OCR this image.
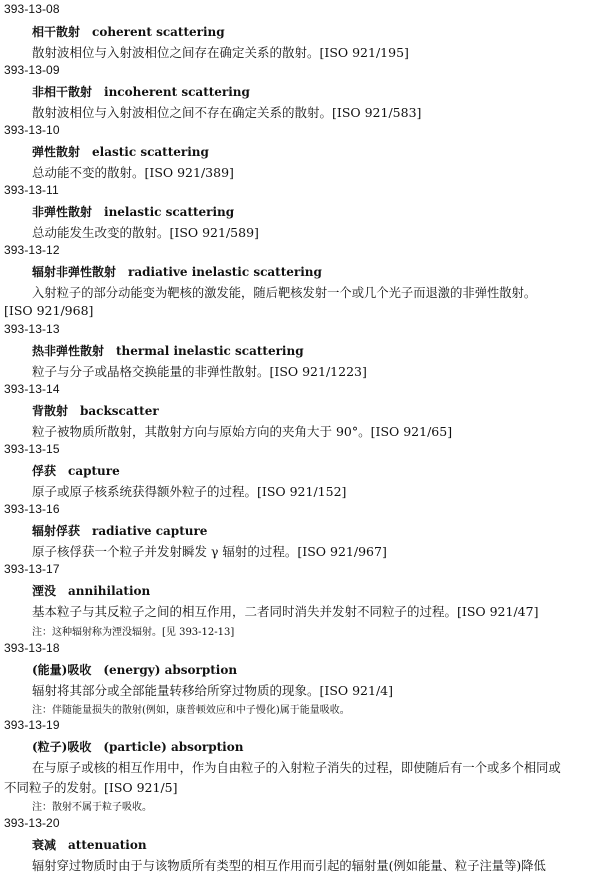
393-13-08
相干散射 coherent scattering
散射波相位与入射波相位之间存在确定关系的散射。[ISO 921/195]
393-13-09
非相干散射 incoherent scattering
散射波相位与入射波相位之间不存在确定关系的散射。[ISO 921/583]
393-13-10
弹性散射 elastic scattering
总动能不变的散射。[ISO 921/389]
393-13-11
非弹性散射 inelastic scattering
总动能发生改变的散射。[ISO 921/589]
393-13-12
辐射非弹性散射 radiative inelastic scattering
入射粒子的部分动能变为靶核的激发能，随后靶核发射一个或几个光子而退激的非弹性散射。
[ISO 921/968]
393-13-13
热非弹性散射 thermal inelastic scattering
粒子与分子或晶格交换能量的非弹性散射。[ISO 921/1223]
393-13-14
背散射 backscatter
粒子被物质所散射，其散射方向与原始方向的夹角大于 90°。[ISO 921/65]
393-13-15
俘获 capture
原子或原子核系统获得额外粒子的过程。[ISO 921/152]
393-13-16
辐射俘获 radiative capture
原子核俘获一个粒子并发射瞬发 γ 辐射的过程。[ISO 921/967]
393-13-17
湮没 annihilation
基本粒子与其反粒子之间的相互作用，二者同时消失并发射不同粒子的过程。[ISO 921/47]
注：这种辐射称为湮没辐射。[见 393-12-13]
393-13-18
(能量)吸收 (energy) absorption
辐射将其部分或全部能量转移给所穿过物质的现象。[ISO 921/4]
注：伴随能量损失的散射(例如，康普顿效应和中子慢化)属于能量吸收。
393-13-19
(粒子)吸收 (particle) absorption
在与原子或核的相互作用中，作为自由粒子的入射粒子消失的过程，即使随后有一个或多个相同或
不同粒子的发射。[ISO 921/5]
注：散射不属于粒子吸收。
393-13-20
衰减 attenuation
辐射穿过物质时由于与该物质所有类型的相互作用而引起的辐射量(例如能量、粒子注量等)降低
